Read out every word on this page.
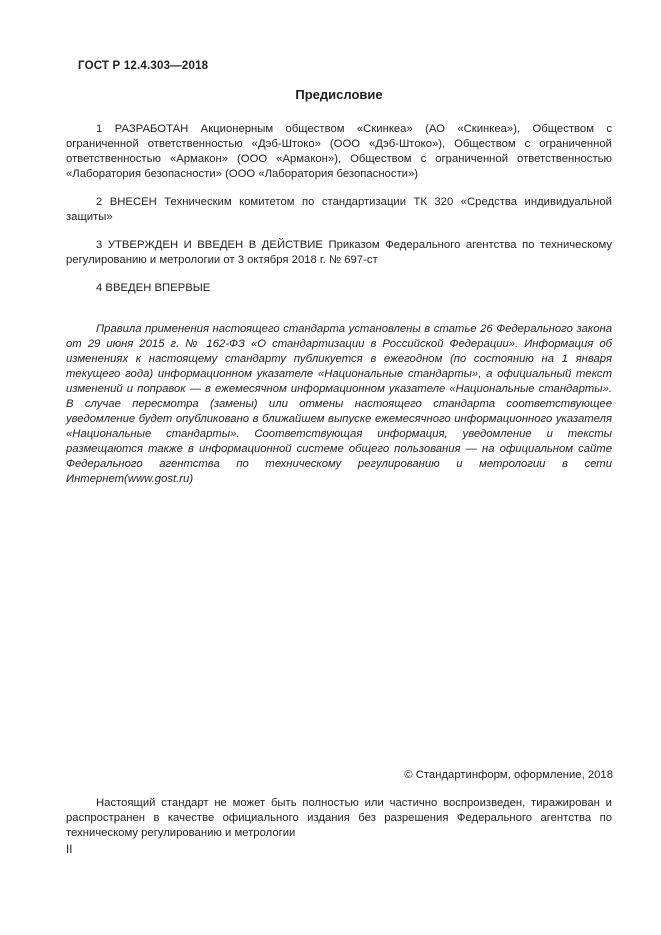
ГОСТ Р 12.4.303—2018
Предисловие

1 РАЗРАБОТАН Акционерным обществом «Скинкеа» (АО «Скинкеа»), Обществом с ограниченной ответственностью «Дэб-Штоко» (ООО «Дэб-Штоко»), Обществом с ограниченной ответственностью «Армакон» (ООО «Армакон»), Обществом с ограниченной ответственностью «Лаборатория безопасности» (ООО «Лаборатория безопасности»)

2 ВНЕСЕН Техническим комитетом по стандартизации ТК 320 «Средства индивидуальной защиты»

3 УТВЕРЖДЕН И ВВЕДЕН В ДЕЙСТВИЕ Приказом Федерального агентства по техническому регулированию и метрологии от 3 октября 2018 г. № 697-ст

4 ВВЕДЕН ВПЕРВЫЕ

Правила применения настоящего стандарта установлены в статье 26 Федерального закона от 29 июня 2015 г. № 162-ФЗ «О стандартизации в Российской Федерации». Информация об изменениях к настоящему стандарту публикуется в ежегодном (по состоянию на 1 января текущего года) информационном указателе «Национальные стандарты», а официальный текст изменений и поправок — в ежемесячном информационном указателе «Национальные стандарты». В случае пересмотра (замены) или отмены настоящего стандарта соответствующее уведомление будет опубликовано в ближайшем выпуске ежемесячного информационного указателя «Национальные стандарты». Соответствующая информация, уведомление и тексты размещаются также в информационной системе общего пользования — на официальном сайте Федерального агентства по техническому регулированию и метрологии в сети Интернет(www.gost.ru)

© Стандартинформ, оформление, 2018

Настоящий стандарт не может быть полностью или частично воспроизведен, тиражирован и распространен в качестве официального издания без разрешения Федерального агентства по техническому регулированию и метрологии

II
